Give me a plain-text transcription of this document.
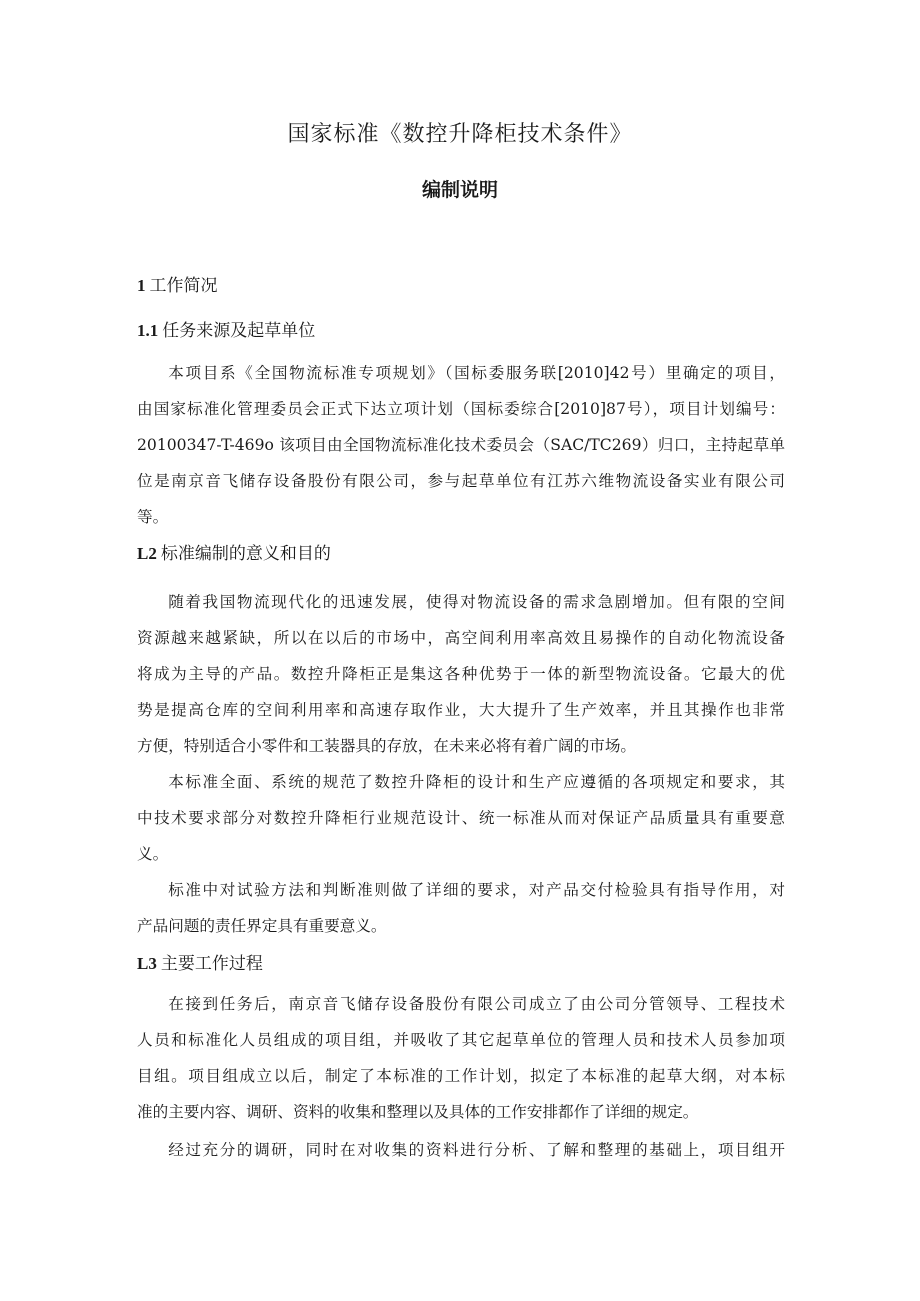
国家标准《数控升降柜技术条件》
编制说明
1 工作简况
1.1 任务来源及起草单位
本项目系《全国物流标准专项规划》（国标委服务联[2010]42号）里确定的项目，
由国家标准化管理委员会正式下达立项计划（国标委综合[2010]87号），项目计划编号：
20100347-T-469o 该项目由全国物流标准化技术委员会（SAC/TC269）归口，主持起草单
位是南京音飞储存设备股份有限公司，参与起草单位有江苏六维物流设备实业有限公司
等。
L2 标准编制的意义和目的
随着我国物流现代化的迅速发展，使得对物流设备的需求急剧增加。但有限的空间
资源越来越紧缺，所以在以后的市场中，高空间利用率高效且易操作的自动化物流设备
将成为主导的产品。数控升降柜正是集这各种优势于一体的新型物流设备。它最大的优
势是提高仓库的空间利用率和高速存取作业，大大提升了生产效率，并且其操作也非常
方便，特别适合小零件和工装器具的存放，在未来必将有着广阔的市场。
本标准全面、系统的规范了数控升降柜的设计和生产应遵循的各项规定和要求，其
中技术要求部分对数控升降柜行业规范设计、统一标准从而对保证产品质量具有重要意
义。
标准中对试验方法和判断准则做了详细的要求，对产品交付检验具有指导作用，对
产品问题的责任界定具有重要意义。
L3 主要工作过程
在接到任务后，南京音飞储存设备股份有限公司成立了由公司分管领导、工程技术
人员和标准化人员组成的项目组，并吸收了其它起草单位的管理人员和技术人员参加项
目组。项目组成立以后，制定了本标准的工作计划，拟定了本标准的起草大纲，对本标
准的主要内容、调研、资料的收集和整理以及具体的工作安排都作了详细的规定。
经过充分的调研，同时在对收集的资料进行分析、了解和整理的基础上，项目组开
